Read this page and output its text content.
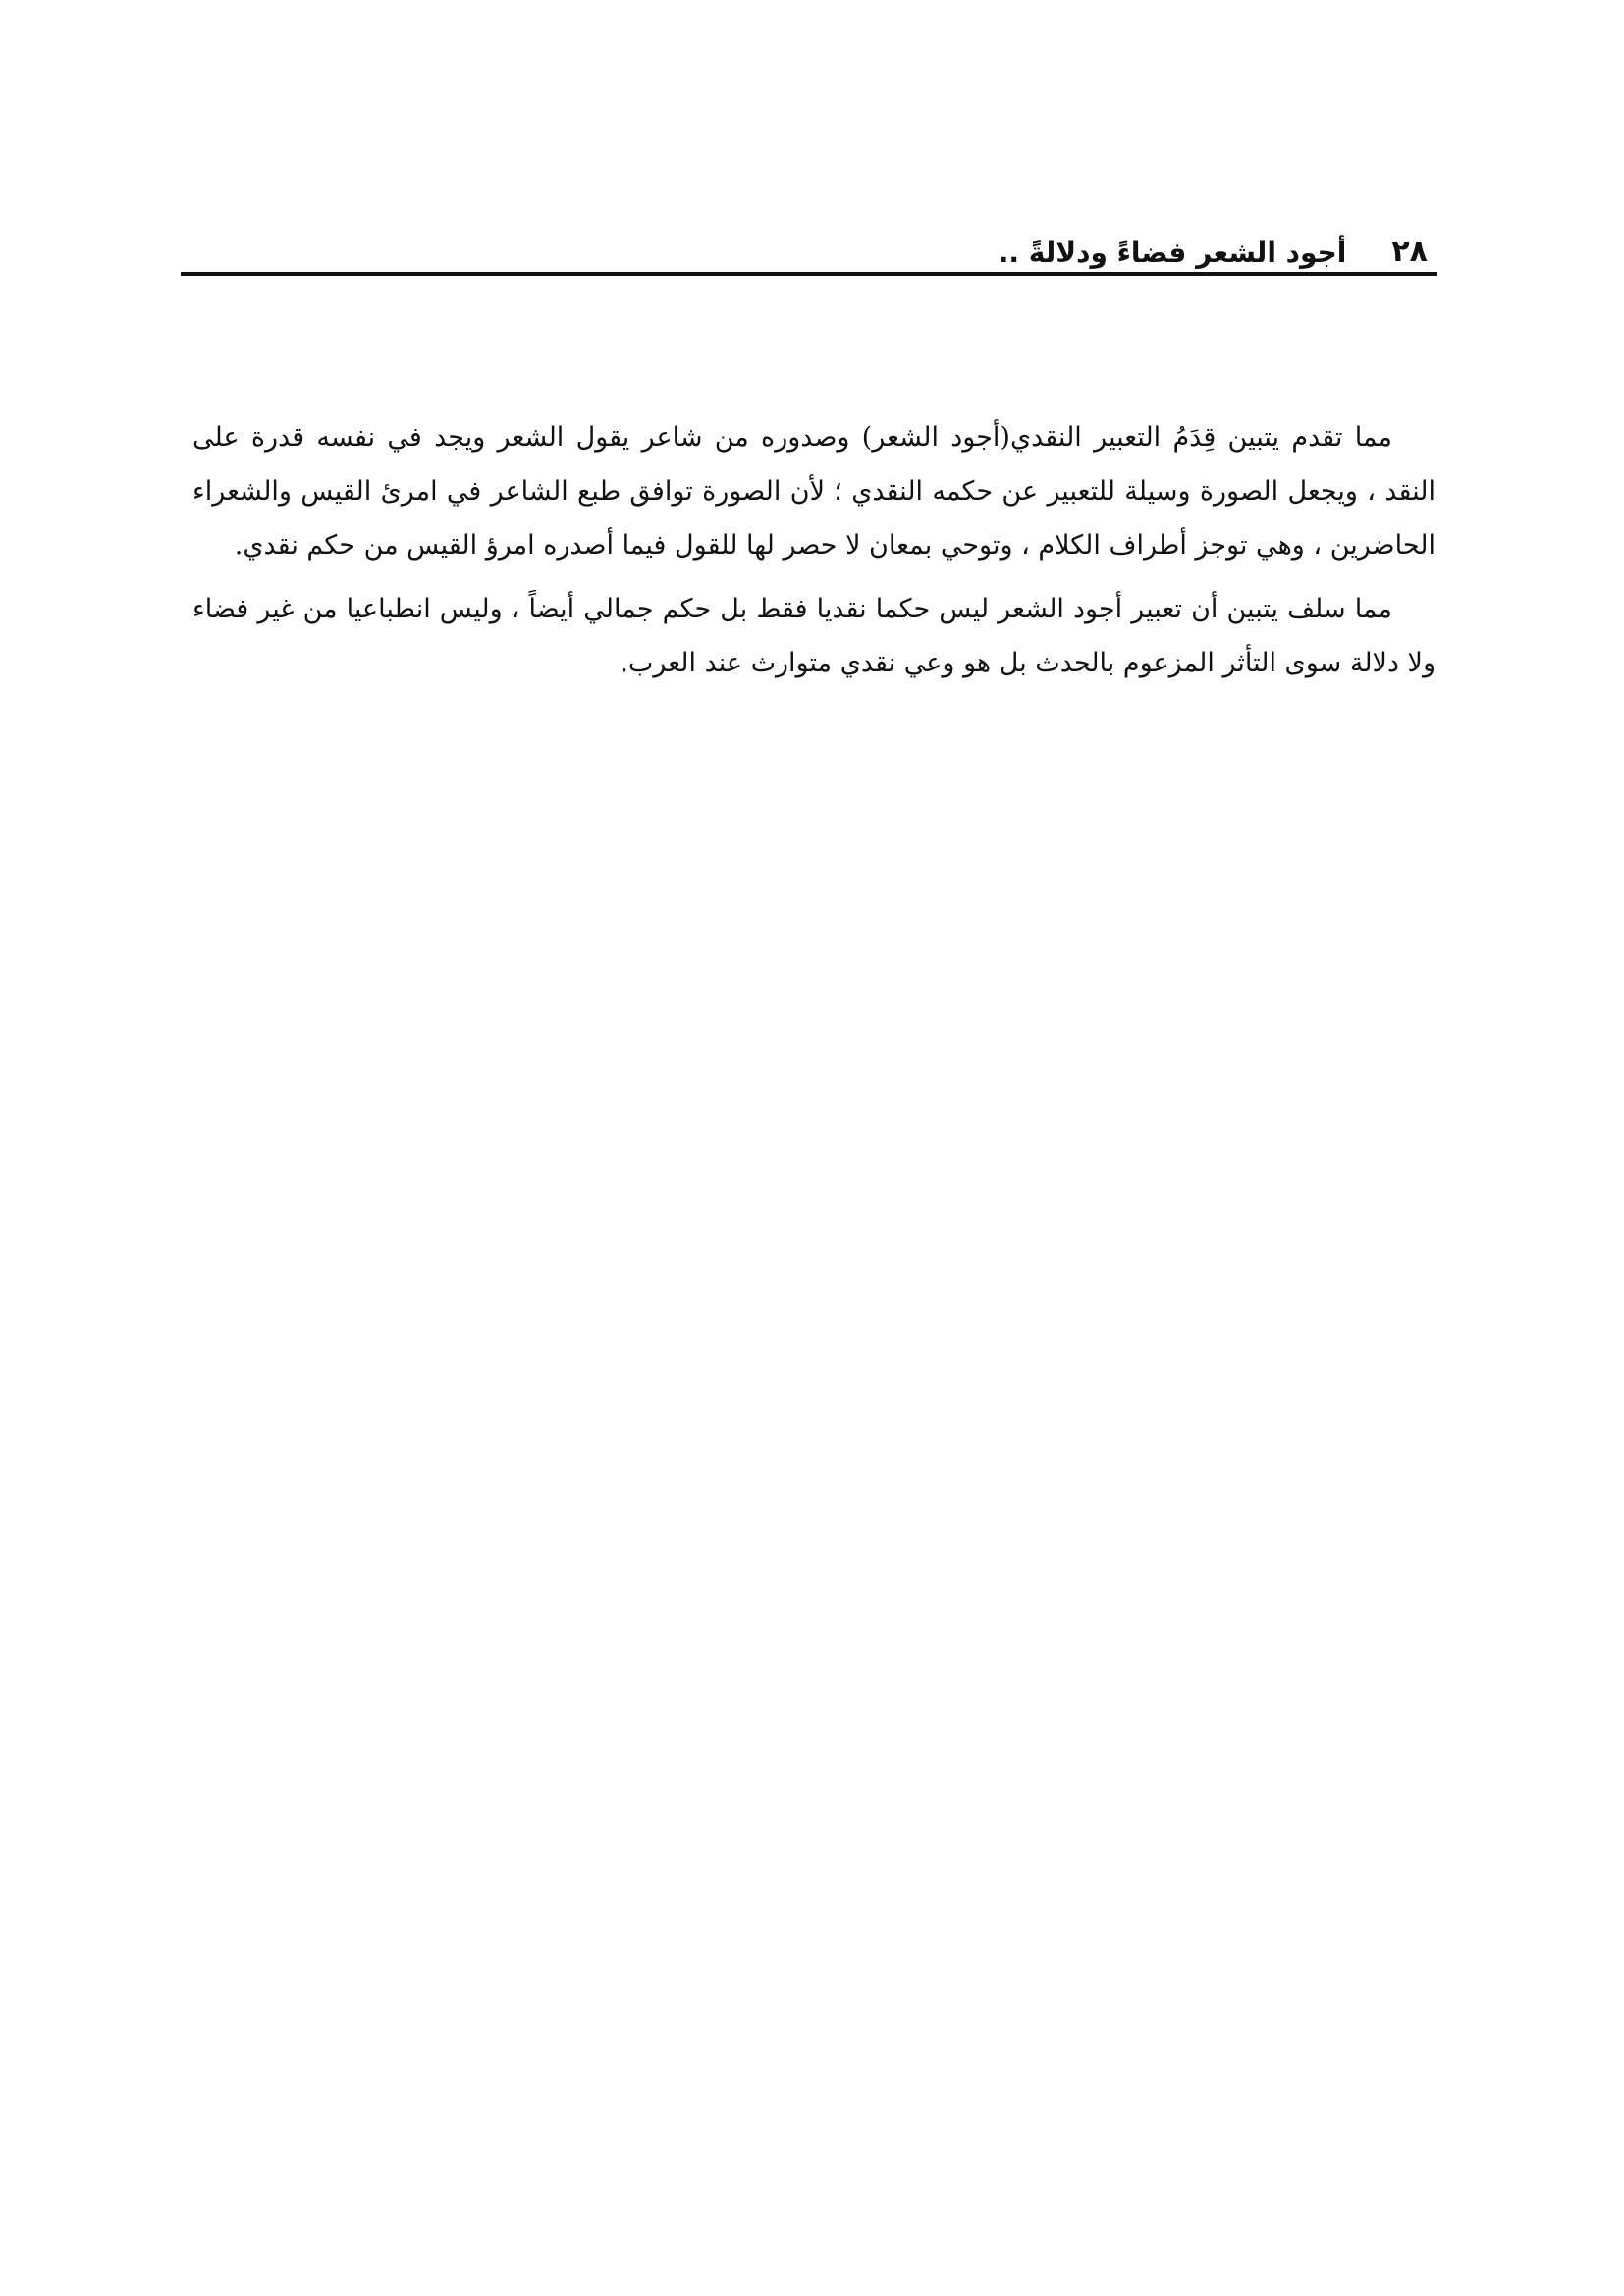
٢٨
أجود الشعر فضاءً ودلالةً ..

مما تقدم يتبين قِدَمُ التعبير النقدي(أجود الشعر) وصدوره من شاعر يقول الشعر ويجد في نفسه قدرة على النقد ، ويجعل الصورة وسيلة للتعبير عن حكمه النقدي ؛ لأن الصورة توافق طبع الشاعر في امرئ القيس والشعراء الحاضرين ، وهي توجز أطراف الكلام ، وتوحي بمعان لا حصر لها للقول فيما أصدره امرؤ القيس من حكم نقدي.

مما سلف يتبين أن تعبير أجود الشعر ليس حكما نقديا فقط بل حكم جمالي أيضاً ، وليس انطباعيا من غير فضاء ولا دلالة سوى التأثر المزعوم بالحدث بل هو وعي نقدي متوارث عند العرب.
